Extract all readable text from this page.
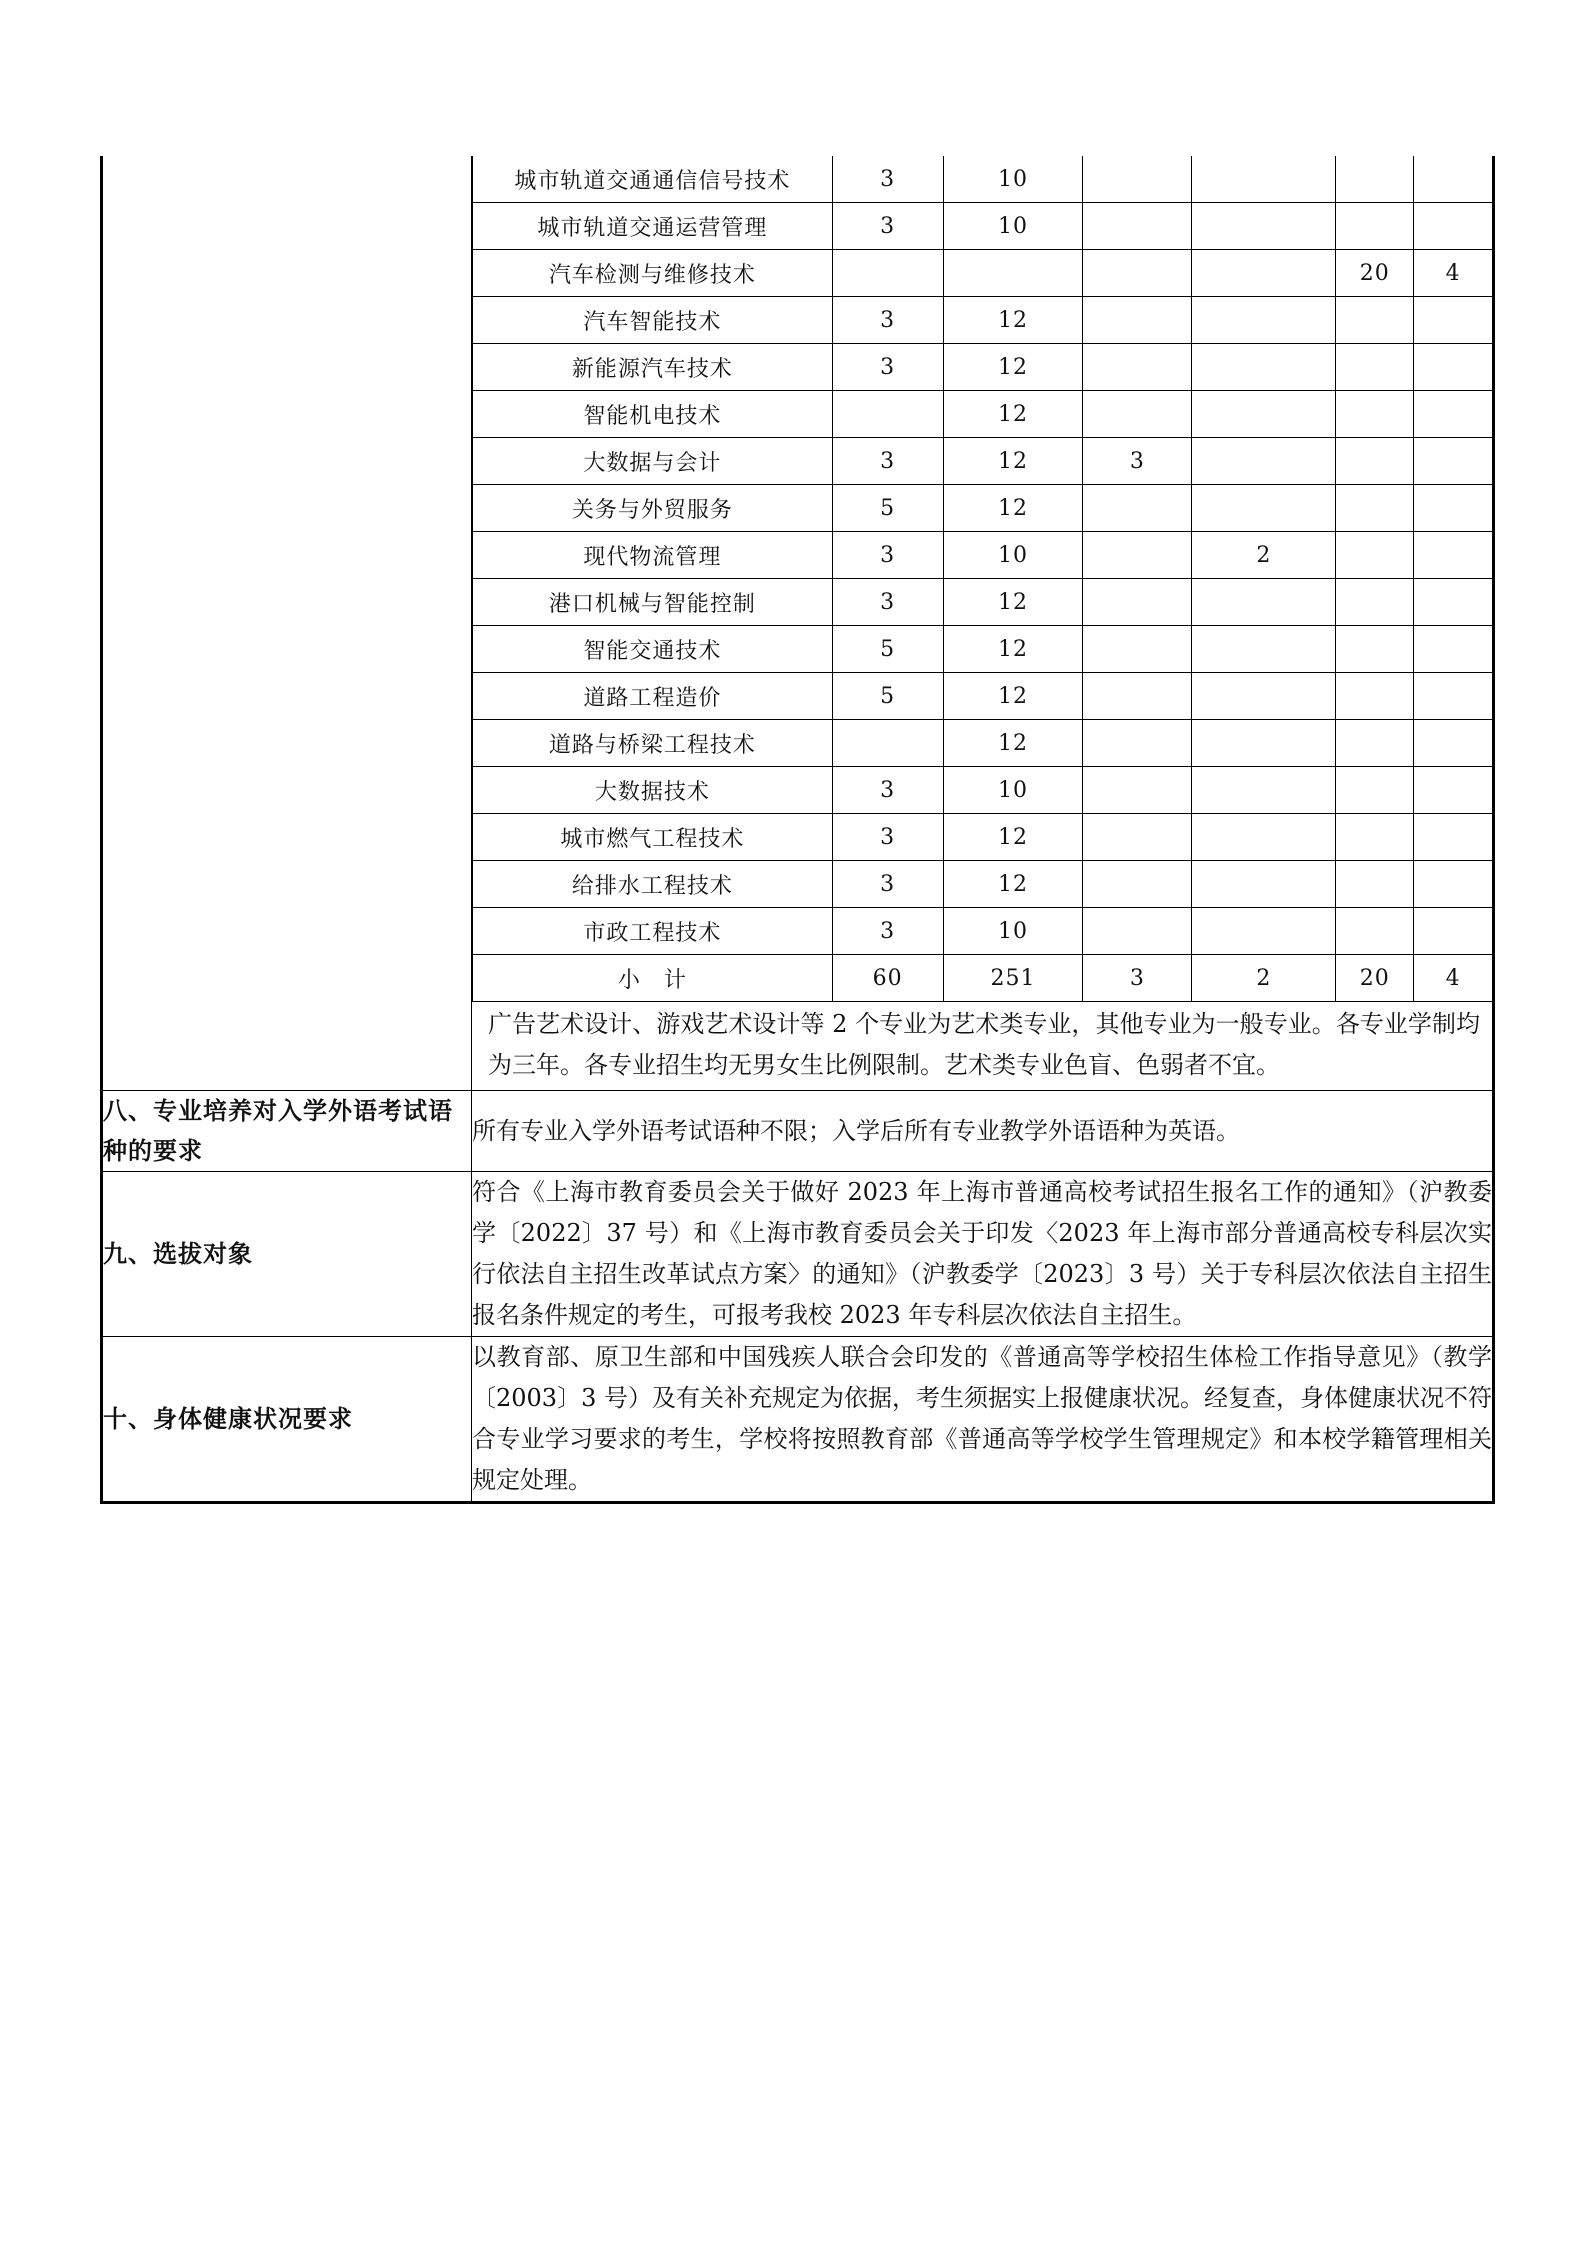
城市轨道交通通信信号技术	3	10				
城市轨道交通运营管理	3	10				
汽车检测与维修技术					20	4
汽车智能技术	3	12				
新能源汽车技术	3	12				
智能机电技术		12				
大数据与会计	3	12	3			
关务与外贸服务	5	12				
现代物流管理	3	10		2		
港口机械与智能控制	3	12				
智能交通技术	5	12				
道路工程造价	5	12				
道路与桥梁工程技术		12				
大数据技术	3	10				
城市燃气工程技术	3	12				
给排水工程技术	3	12				
市政工程技术	3	10				
小　计	60	251	3	2	20	4
广告艺术设计、游戏艺术设计等 2 个专业为艺术类专业，其他专业为一般专业。各专业学制均为三年。各专业招生均无男女生比例限制。艺术类专业色盲、色弱者不宜。

八、专业培养对入学外语考试语种的要求	所有专业入学外语考试语种不限；入学后所有专业教学外语语种为英语。
九、选拔对象	符合《上海市教育委员会关于做好 2023 年上海市普通高校考试招生报名工作的通知》（沪教委学〔2022〕37 号）和《上海市教育委员会关于印发〈2023 年上海市部分普通高校专科层次实行依法自主招生改革试点方案〉的通知》（沪教委学〔2023〕3 号）关于专科层次依法自主招生报名条件规定的考生，可报考我校 2023 年专科层次依法自主招生。
十、身体健康状况要求	以教育部、原卫生部和中国残疾人联合会印发的《普通高等学校招生体检工作指导意见》（教学〔2003〕3 号）及有关补充规定为依据，考生须据实上报健康状况。经复查，身体健康状况不符合专业学习要求的考生，学校将按照教育部《普通高等学校学生管理规定》和本校学籍管理相关规定处理。
